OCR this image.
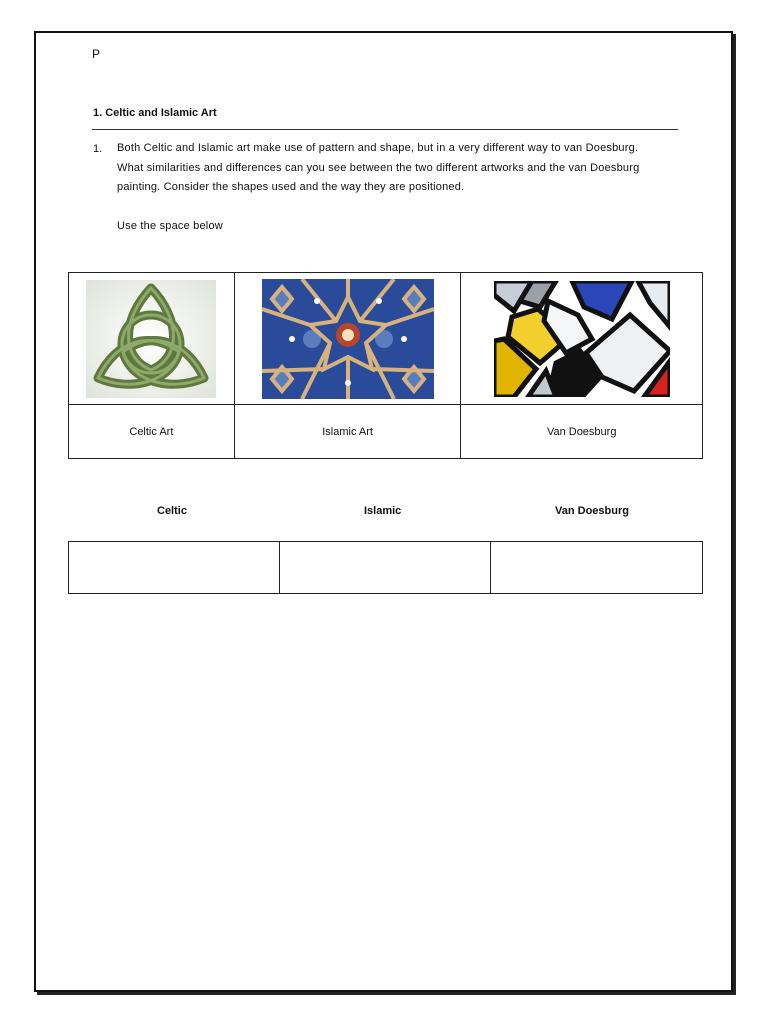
P
1. Celtic and Islamic Art
1. Both Celtic and Islamic art make use of pattern and shape, but in a very different way to van Doesburg.

What similarities and differences can you see between the two different artworks and the van Doesburg painting. Consider the shapes used and the way they are positioned.

Use the space below

Celtic Art	Islamic Art	Van Doesburg
Celtic	Islamic	Van Doesburg
